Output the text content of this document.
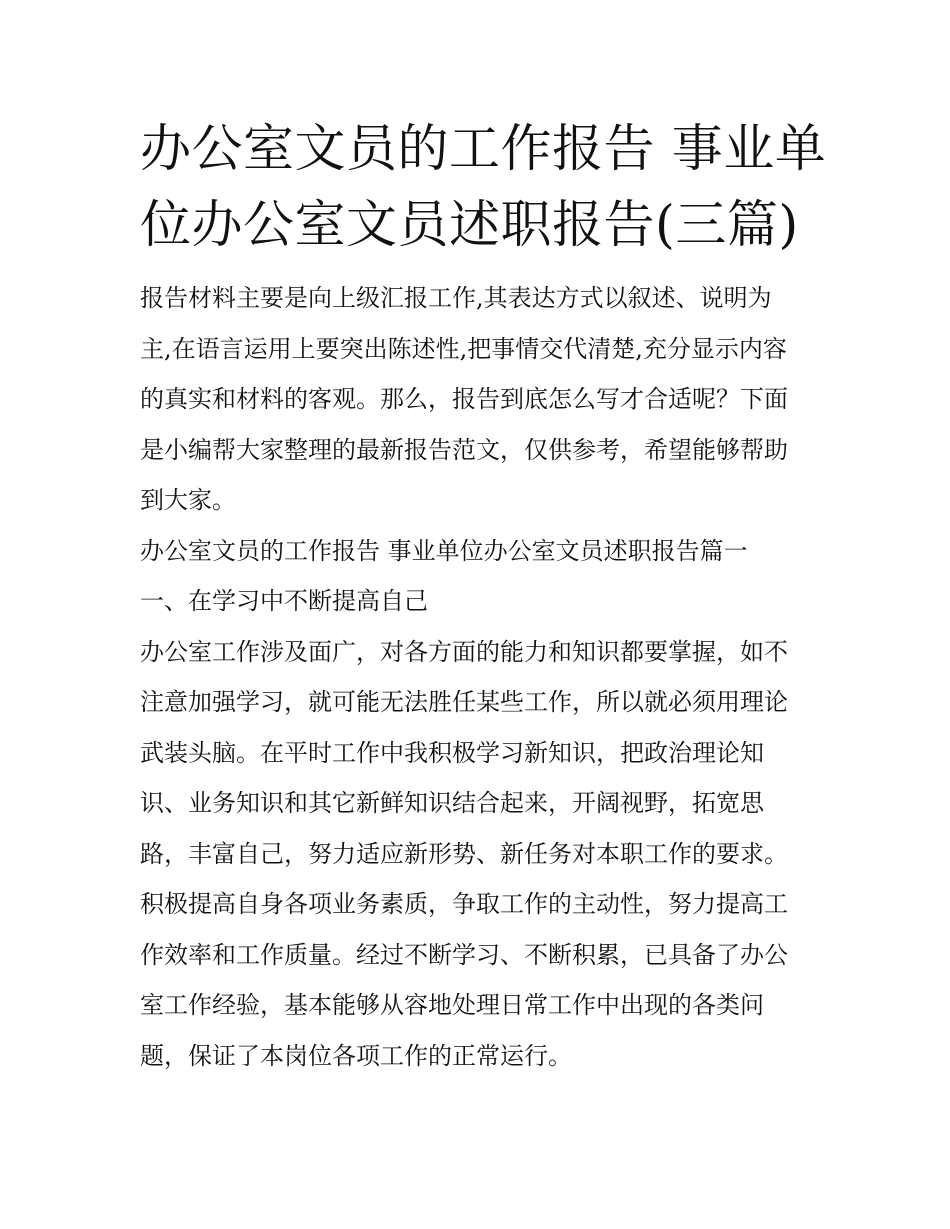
办公室文员的工作报告 事业单
位办公室文员述职报告(三篇)
报告材料主要是向上级汇报工作,其表达方式以叙述、说明为
主,在语言运用上要突出陈述性,把事情交代清楚,充分显示内容
的真实和材料的客观。那么，报告到底怎么写才合适呢？下面
是小编帮大家整理的最新报告范文，仅供参考，希望能够帮助
到大家。
办公室文员的工作报告 事业单位办公室文员述职报告篇一
一、在学习中不断提高自己
办公室工作涉及面广，对各方面的能力和知识都要掌握，如不
注意加强学习，就可能无法胜任某些工作，所以就必须用理论
武装头脑。在平时工作中我积极学习新知识，把政治理论知
识、业务知识和其它新鲜知识结合起来，开阔视野，拓宽思
路，丰富自己，努力适应新形势、新任务对本职工作的要求。
积极提高自身各项业务素质，争取工作的主动性，努力提高工
作效率和工作质量。经过不断学习、不断积累，已具备了办公
室工作经验，基本能够从容地处理日常工作中出现的各类问
题，保证了本岗位各项工作的正常运行。
